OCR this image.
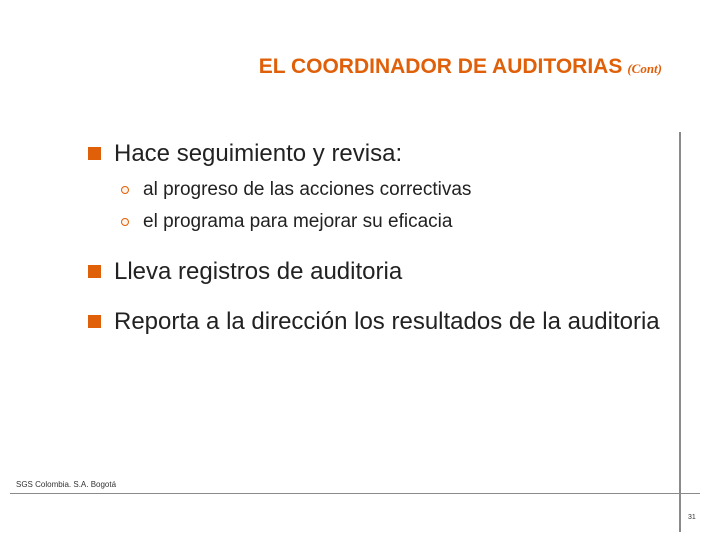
EL COORDINADOR DE AUDITORIAS (Cont)
Hace seguimiento y revisa:
al progreso de las acciones correctivas
el programa para mejorar su eficacia
Lleva registros de auditoria
Reporta a la dirección los resultados de la auditoria
SGS Colombia. S.A. Bogotá
31
